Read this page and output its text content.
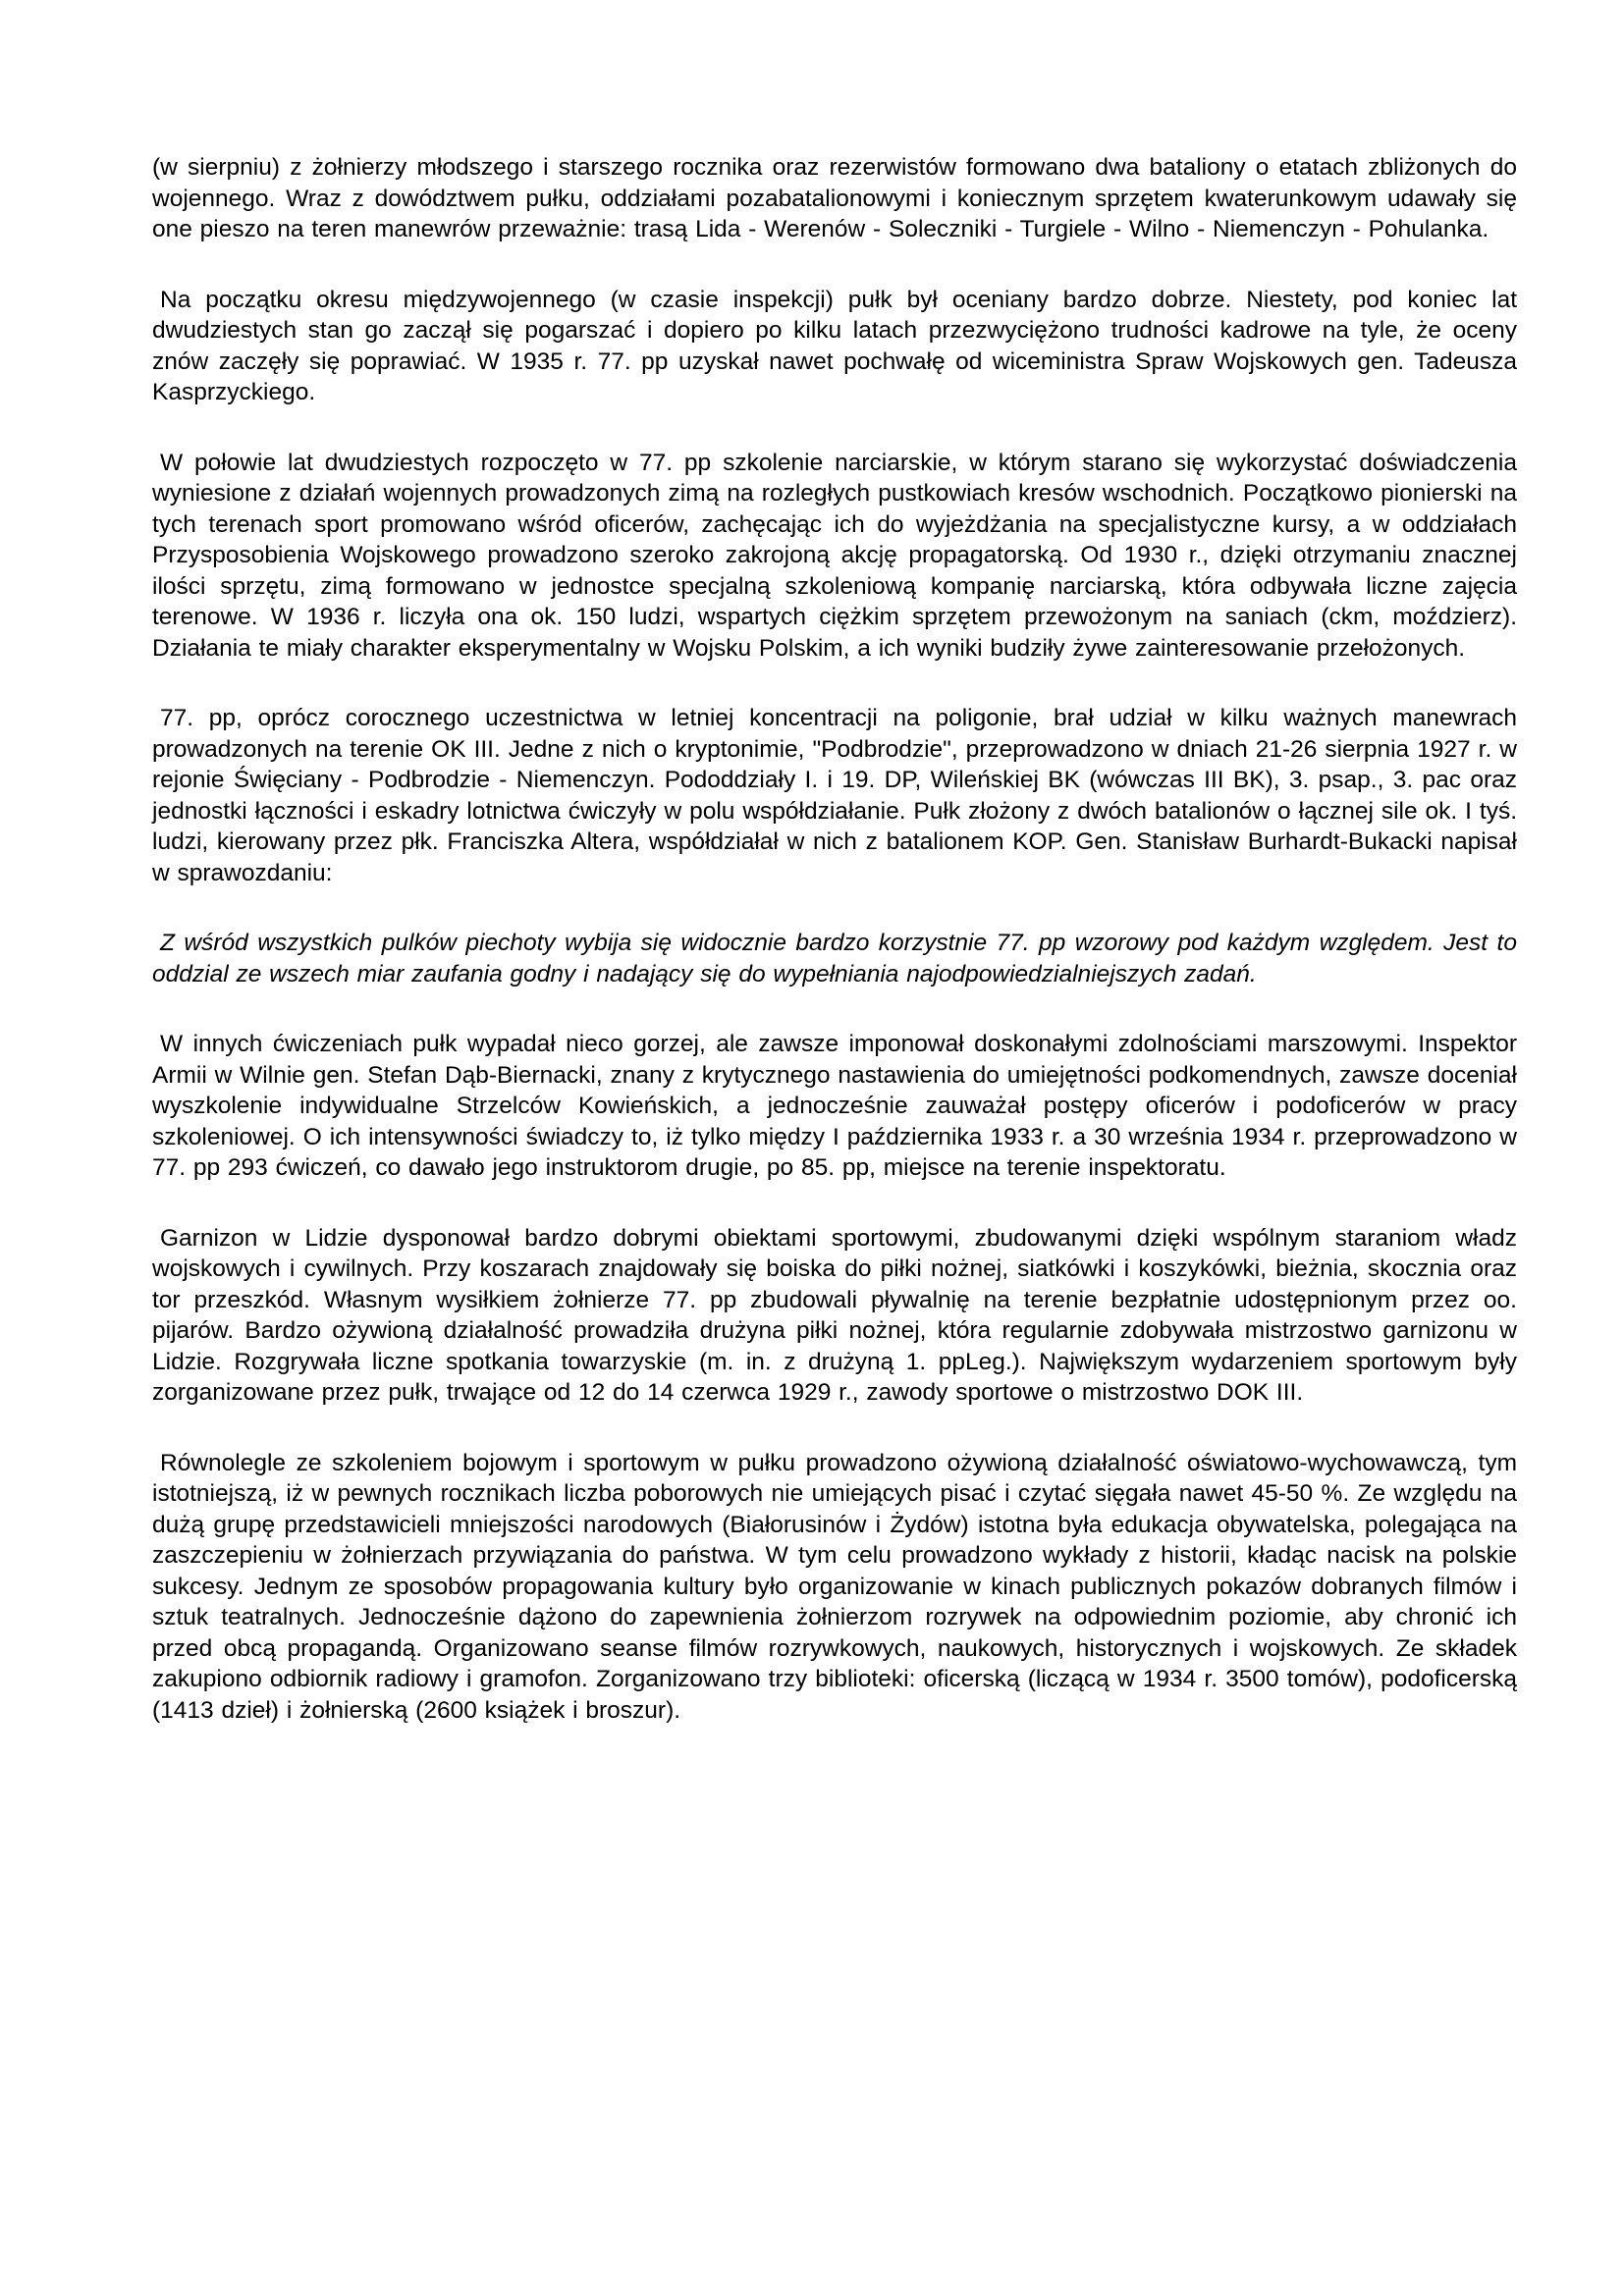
(w sierpniu) z żołnierzy młodszego i starszego rocznika oraz rezerwistów formowano dwa bataliony o etatach zbliżonych do wojennego. Wraz z dowództwem pułku, oddziałami pozabatalionowymi i koniecznym sprzętem kwaterunkowym udawały się one pieszo na teren manewrów przeważnie: trasą Lida - Werenów - Soleczniki - Turgiele - Wilno - Niemenczyn - Pohulanka.

Na początku okresu międzywojennego (w czasie inspekcji) pułk był oceniany bardzo dobrze. Niestety, pod koniec lat dwudziestych stan go zaczął się pogarszać i dopiero po kilku latach przezwyciężono trudności kadrowe na tyle, że oceny znów zaczęły się poprawiać. W 1935 r. 77. pp uzyskał nawet pochwałę od wiceministra Spraw Wojskowych gen. Tadeusza Kasprzyckiego.

W połowie lat dwudziestych rozpoczęto w 77. pp szkolenie narciarskie, w którym starano się wykorzystać doświadczenia wyniesione z działań wojennych prowadzonych zimą na rozległych pustkowiach kresów wschodnich. Początkowo pionierski na tych terenach sport promowano wśród oficerów, zachęcając ich do wyjeżdżania na specjalistyczne kursy, a w oddziałach Przysposobienia Wojskowego prowadzono szeroko zakrojoną akcję propagatorską. Od 1930 r., dzięki otrzymaniu znacznej ilości sprzętu, zimą formowano w jednostce specjalną szkoleniową kompanię narciarską, która odbywała liczne zajęcia terenowe. W 1936 r. liczyła ona ok. 150 ludzi, wspartych ciężkim sprzętem przewożonym na saniach (ckm, moździerz). Działania te miały charakter eksperymentalny w Wojsku Polskim, a ich wyniki budziły żywe zainteresowanie przełożonych.

77. pp, oprócz corocznego uczestnictwa w letniej koncentracji na poligonie, brał udział w kilku ważnych manewrach prowadzonych na terenie OK III. Jedne z nich o kryptonimie, "Podbrodzie", przeprowadzono w dniach 21-26 sierpnia 1927 r. w rejonie Święciany - Podbrodzie - Niemenczyn. Pododdziały I. i 19. DP, Wileńskiej BK (wówczas III BK), 3. psap., 3. pac oraz jednostki łączności i eskadry lotnictwa ćwiczyły w polu współdziałanie. Pułk złożony z dwóch batalionów o łącznej sile ok. I tyś. ludzi, kierowany przez płk. Franciszka Altera, współdziałał w nich z batalionem KOP. Gen. Stanisław Burhardt-Bukacki napisał w sprawozdaniu:

Z wśród wszystkich pulków piechoty wybija się widocznie bardzo korzystnie 77. pp wzorowy pod każdym względem. Jest to oddzial ze wszech miar zaufania godny i nadający się do wypełniania najodpowiedzialniejszych zadań.

W innych ćwiczeniach pułk wypadał nieco gorzej, ale zawsze imponował doskonałymi zdolnościami marszowymi. Inspektor Armii w Wilnie gen. Stefan Dąb-Biernacki, znany z krytycznego nastawienia do umiejętności podkomendnych, zawsze doceniał wyszkolenie indywidualne Strzelców Kowieńskich, a jednocześnie zauważał postępy oficerów i podoficerów w pracy szkoleniowej. O ich intensywności świadczy to, iż tylko między I października 1933 r. a 30 września 1934 r. przeprowadzono w 77. pp 293 ćwiczeń, co dawało jego instruktorom drugie, po 85. pp, miejsce na terenie inspektoratu.

Garnizon w Lidzie dysponował bardzo dobrymi obiektami sportowymi, zbudowanymi dzięki wspólnym staraniom władz wojskowych i cywilnych. Przy koszarach znajdowały się boiska do piłki nożnej, siatkówki i koszykówki, bieżnia, skocznia oraz tor przeszkód. Własnym wysiłkiem żołnierze 77. pp zbudowali pływalnię na terenie bezpłatnie udostępnionym przez oo. pijarów. Bardzo ożywioną działalność prowadziła drużyna piłki nożnej, która regularnie zdobywała mistrzostwo garnizonu w Lidzie. Rozgrywała liczne spotkania towarzyskie (m. in. z drużyną 1. ppLeg.). Największym wydarzeniem sportowym były zorganizowane przez pułk, trwające od 12 do 14 czerwca 1929 r., zawody sportowe o mistrzostwo DOK III.

Równolegle ze szkoleniem bojowym i sportowym w pułku prowadzono ożywioną działalność oświatowo-wychowawczą, tym istotniejszą, iż w pewnych rocznikach liczba poborowych nie umiejących pisać i czytać sięgała nawet 45-50 %. Ze względu na dużą grupę przedstawicieli mniejszości narodowych (Białorusinów i Żydów) istotna była edukacja obywatelska, polegająca na zaszczepieniu w żołnierzach przywiązania do państwa. W tym celu prowadzono wykłady z historii, kładąc nacisk na polskie sukcesy. Jednym ze sposobów propagowania kultury było organizowanie w kinach publicznych pokazów dobranych filmów i sztuk teatralnych. Jednocześnie dążono do zapewnienia żołnierzom rozrywek na odpowiednim poziomie, aby chronić ich przed obcą propagandą. Organizowano seanse filmów rozrywkowych, naukowych, historycznych i wojskowych. Ze składek zakupiono odbiornik radiowy i gramofon. Zorganizowano trzy biblioteki: oficerską (liczącą w 1934 r. 3500 tomów), podoficerską (1413 dzieł) i żołnierską (2600 książek i broszur).
